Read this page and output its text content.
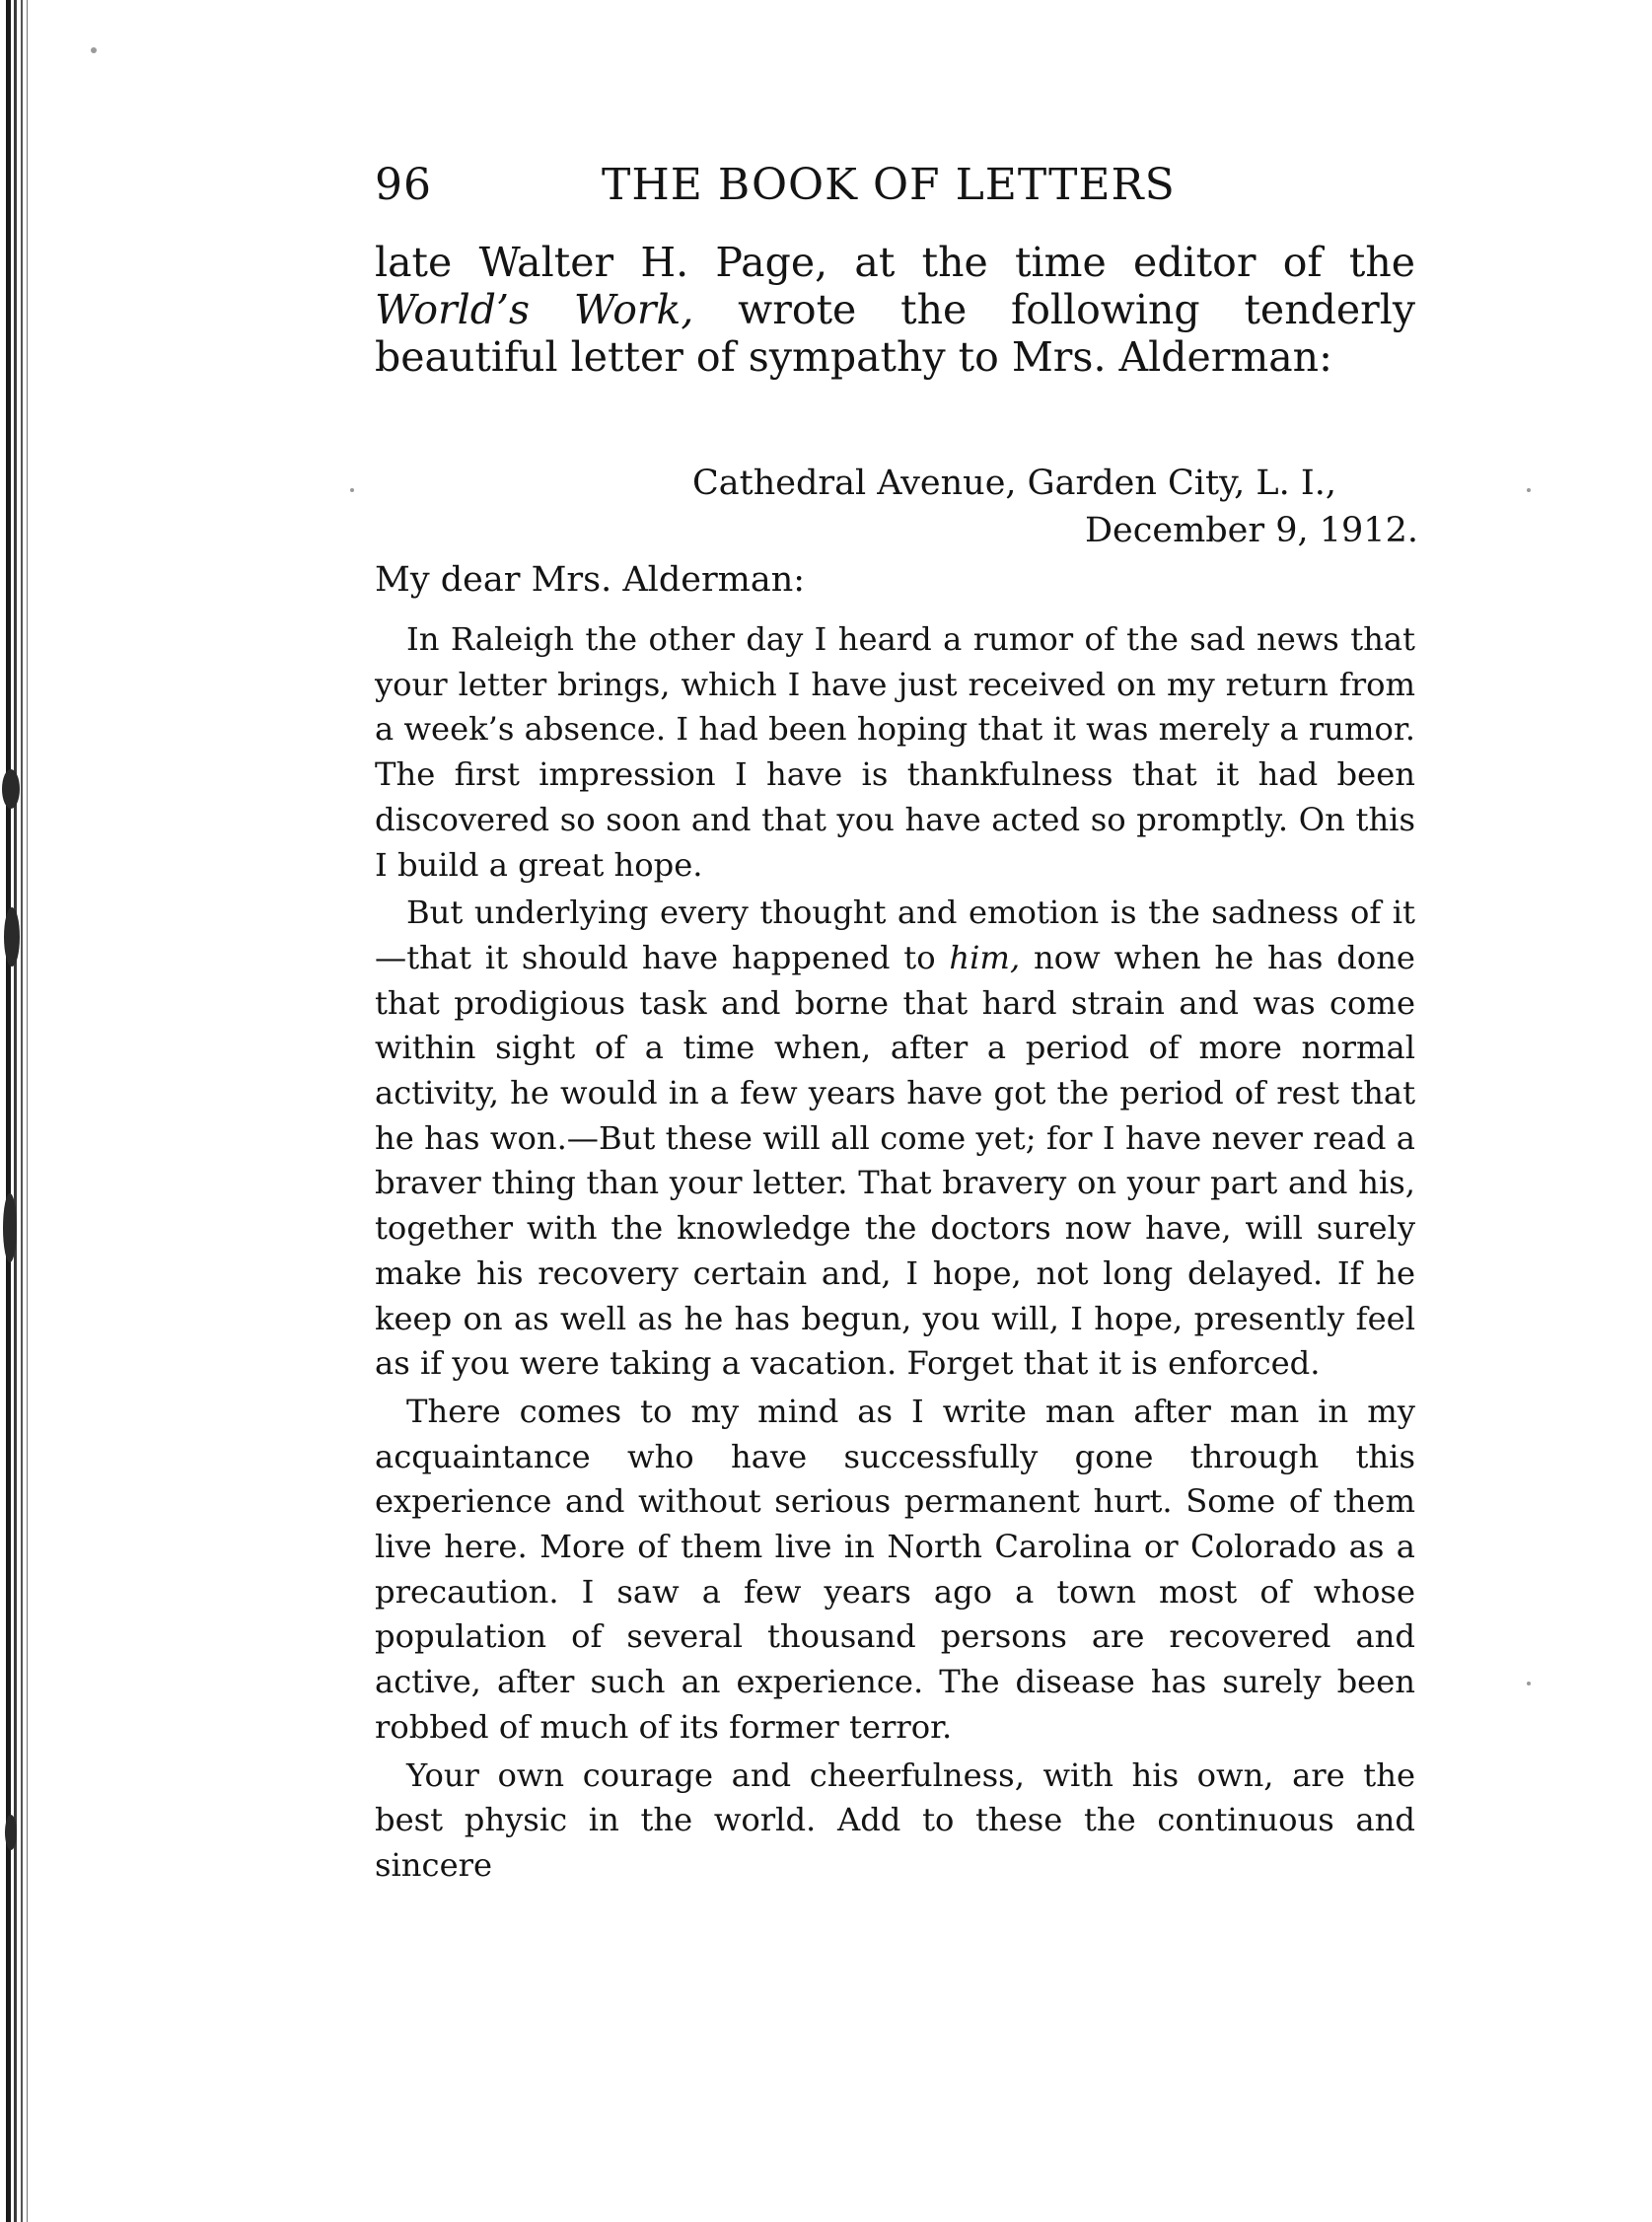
96	THE BOOK OF LETTERS

late Walter H. Page, at the time editor of the World’s Work, wrote the following tenderly beautiful letter of sympathy to Mrs. Alderman:

Cathedral Avenue, Garden City, L. I.,
December 9, 1912.
My dear Mrs. Alderman:

In Raleigh the other day I heard a rumor of the sad news that your letter brings, which I have just received on my return from a week’s absence. I had been hoping that it was merely a rumor. The first impression I have is thankfulness that it had been discovered so soon and that you have acted so promptly. On this I build a great hope.

But underlying every thought and emotion is the sadness of it —that it should have happened to him, now when he has done that prodigious task and borne that hard strain and was come within sight of a time when, after a period of more normal activity, he would in a few years have got the period of rest that he has won.—But these will all come yet; for I have never read a braver thing than your letter. That bravery on your part and his, together with the knowledge the doctors now have, will surely make his recovery certain and, I hope, not long delayed. If he keep on as well as he has begun, you will, I hope, presently feel as if you were taking a vacation. Forget that it is enforced.

There comes to my mind as I write man after man in my acquaintance who have successfully gone through this experience and without serious permanent hurt. Some of them live here. More of them live in North Carolina or Colorado as a precaution. I saw a few years ago a town most of whose population of several thousand persons are recovered and active, after such an experience. The disease has surely been robbed of much of its former terror.

Your own courage and cheerfulness, with his own, are the best physic in the world. Add to these the continuous and sincere
